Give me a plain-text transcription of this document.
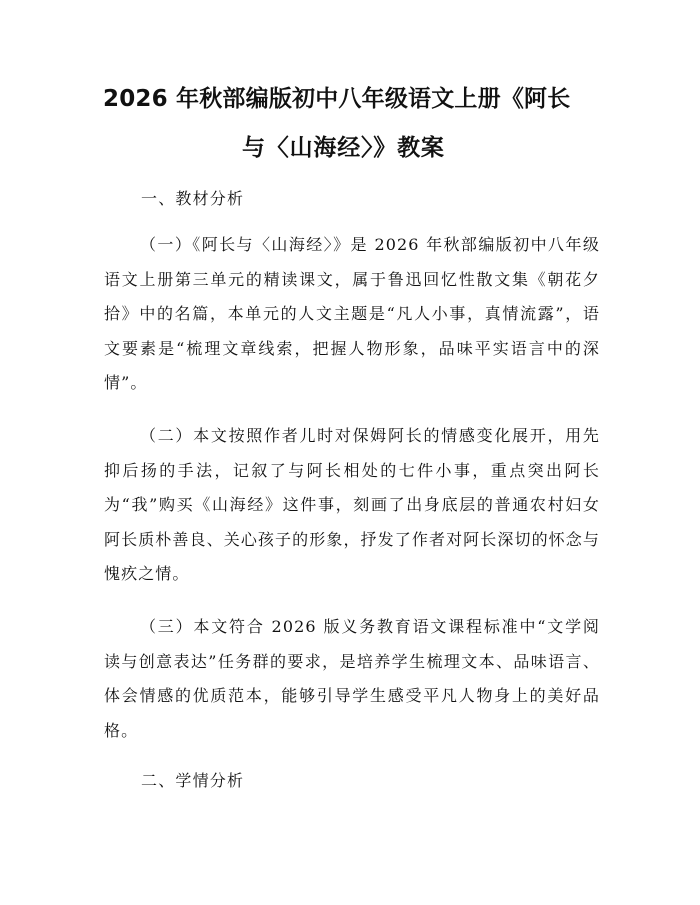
2026 年秋部编版初中八年级语文上册《阿长
与〈山海经〉》教案
一、教材分析

（一）《阿长与〈山海经〉》是 2026 年秋部编版初中八年级语文上册第三单元的精读课文，属于鲁迅回忆性散文集《朝花夕拾》中的名篇，本单元的人文主题是“凡人小事，真情流露”，语文要素是“梳理文章线索，把握人物形象，品味平实语言中的深情”。

（二）本文按照作者儿时对保姆阿长的情感变化展开，用先抑后扬的手法，记叙了与阿长相处的七件小事，重点突出阿长为“我”购买《山海经》这件事，刻画了出身底层的普通农村妇女阿长质朴善良、关心孩子的形象，抒发了作者对阿长深切的怀念与愧疚之情。

（三）本文符合 2026 版义务教育语文课程标准中“文学阅读与创意表达”任务群的要求，是培养学生梳理文本、品味语言、体会情感的优质范本，能够引导学生感受平凡人物身上的美好品格。

二、学情分析
